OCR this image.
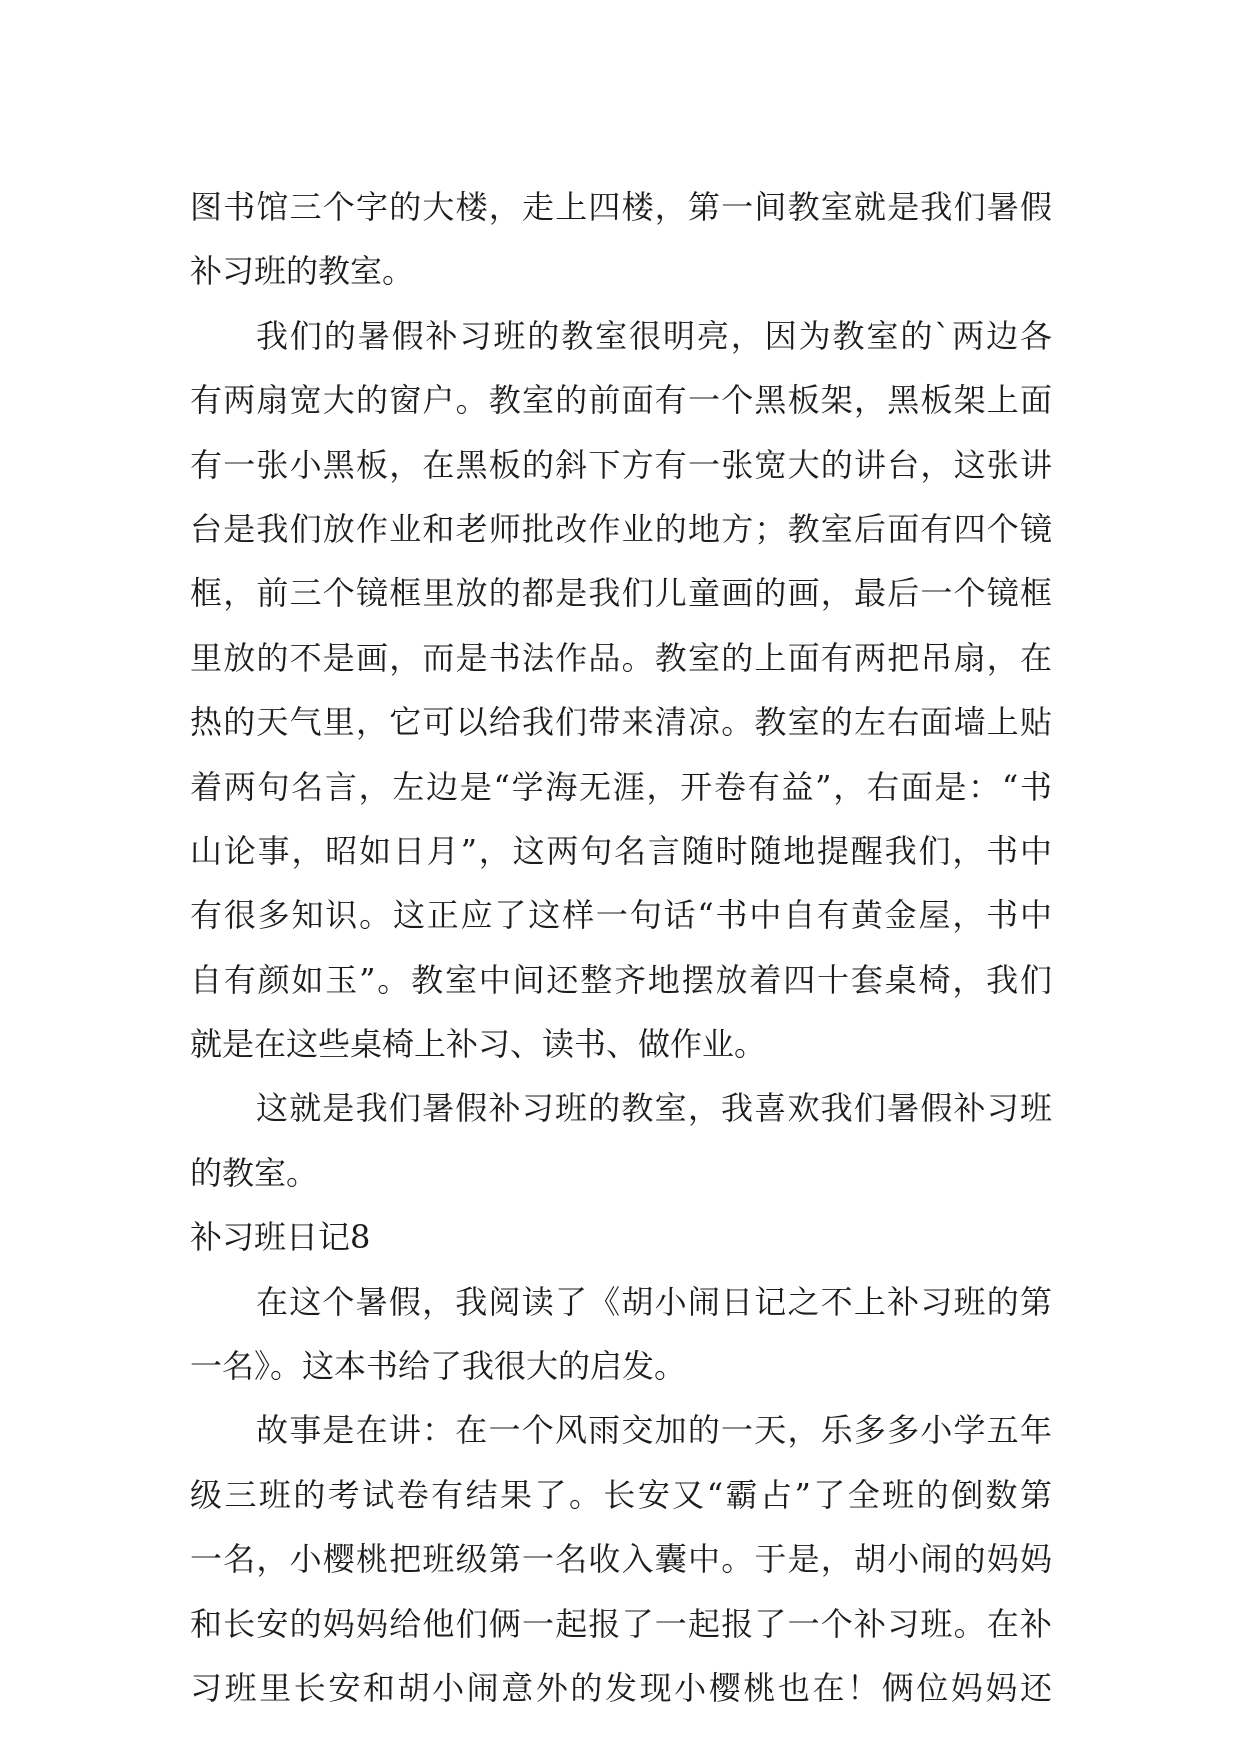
图书馆三个字的大楼，走上四楼，第一间教室就是我们暑假
补习班的教室。
我们的暑假补习班的教室很明亮，因为教室的`两边各
有两扇宽大的窗户。教室的前面有一个黑板架，黑板架上面
有一张小黑板，在黑板的斜下方有一张宽大的讲台，这张讲
台是我们放作业和老师批改作业的地方；教室后面有四个镜
框，前三个镜框里放的都是我们儿童画的画，最后一个镜框
里放的不是画，而是书法作品。教室的上面有两把吊扇，在
热的天气里，它可以给我们带来清凉。教室的左右面墙上贴
着两句名言，左边是“学海无涯，开卷有益”，右面是：“书
山论事，昭如日月”，这两句名言随时随地提醒我们，书中
有很多知识。这正应了这样一句话“书中自有黄金屋，书中
自有颜如玉”。教室中间还整齐地摆放着四十套桌椅，我们
就是在这些桌椅上补习、读书、做作业。
这就是我们暑假补习班的教室，我喜欢我们暑假补习班
的教室。
补习班日记8
在这个暑假，我阅读了《胡小闹日记之不上补习班的第
一名》。这本书给了我很大的启发。
故事是在讲：在一个风雨交加的一天，乐多多小学五年
级三班的考试卷有结果了。长安又“霸占”了全班的倒数第
一名，小樱桃把班级第一名收入囊中。于是，胡小闹的妈妈
和长安的妈妈给他们俩一起报了一起报了一个补习班。在补
习班里长安和胡小闹意外的发现小樱桃也在！俩位妈妈还
